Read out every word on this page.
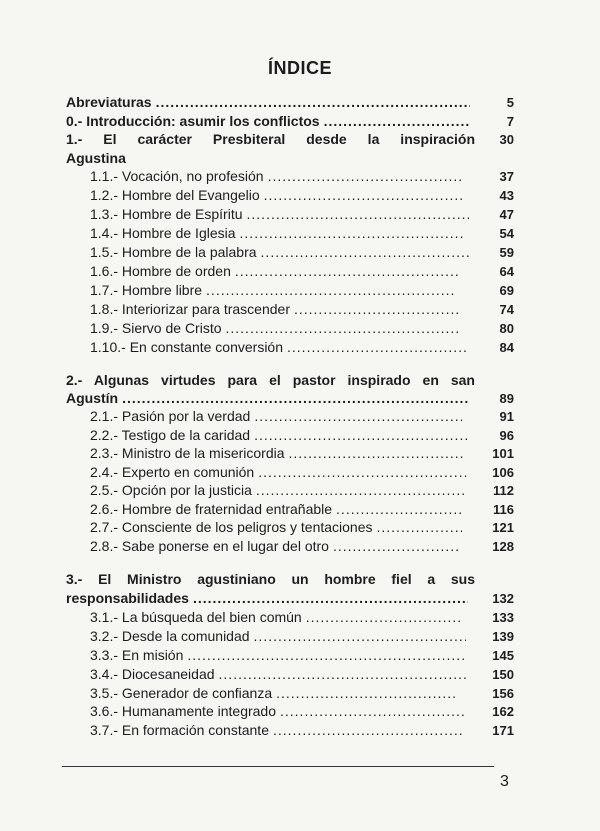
ÍNDICE
Abreviaturas .....	5
0.- Introducción: asumir los conflictos .....	7
1.- El carácter Presbiteral desde la inspiración	30
Agustina
1.1.- Vocación, no profesión .....	37
1.2.- Hombre del Evangelio .....	43
1.3.- Hombre de Espíritu .....	47
1.4.- Hombre de Iglesia .....	54
1.5.- Hombre de la palabra .....	59
1.6.- Hombre de orden .....	64
1.7.- Hombre libre .....	69
1.8.- Interiorizar para trascender .....	74
1.9.- Siervo de Cristo .....	80
1.10.- En constante conversión .....	84
2.- Algunas virtudes para el pastor inspirado en san
Agustín .....	89
2.1.- Pasión por la verdad .....	91
2.2.- Testigo de la caridad .....	96
2.3.- Ministro de la misericordia .....	101
2.4.- Experto en comunión .....	106
2.5.- Opción por la justicia .....	112
2.6.- Hombre de fraternidad entrañable .....	116
2.7.- Consciente de los peligros y tentaciones .....	121
2.8.- Sabe ponerse en el lugar del otro .....	128
3.- El Ministro agustiniano un hombre fiel a sus
responsabilidades .....	132
3.1.- La búsqueda del bien común .....	133
3.2.- Desde la comunidad .....	139
3.3.- En misión .....	145
3.4.- Diocesaneidad .....	150
3.5.- Generador de confianza .....	156
3.6.- Humanamente integrado .....	162
3.7.- En formación constante .....	171
3
